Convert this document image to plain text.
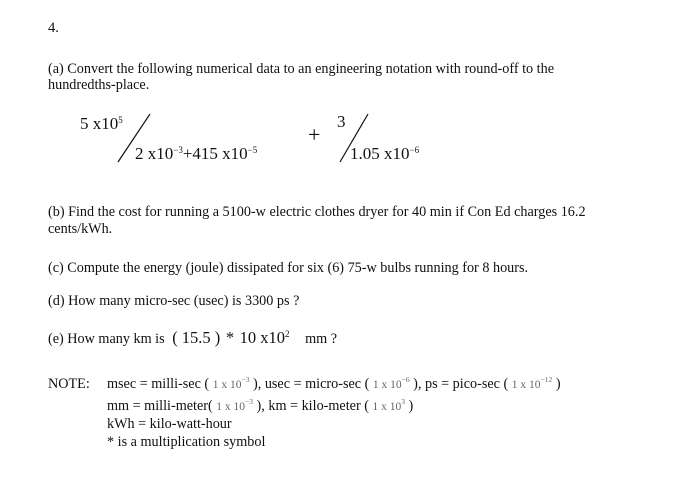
4.
(a) Convert the following numerical data to an engineering notation with round-off to the
hundredths-place.
5 $x10^5$
2 $x10^{-3}+415$ $x10^{-5}$
+
3
1.05 $x10^{-6}$
(b) Find the cost for running a 5100-w electric clothes dryer for 40 min if Con Ed charges 16.2
cents/kWh.
(c) Compute the energy (joule) dissipated for six (6) 75-w bulbs running for 8 hours.
(d) How many micro-sec (usec) is 3300 ps ?
(e) How many km is ( 15.5 ) * 10 $x10^2$ mm ?
NOTE: msec = milli-sec ( 1 x $10^{-3}$ ), usec = micro-sec ( 1 x $10^{-6}$ ), ps = pico-sec ( 1 x $10^{-12}$ )
mm = milli-meter( 1 x $10^{-3}$ ), km = kilo-meter ( 1 x $10^3$ )
kWh = kilo-watt-hour
* is a multiplication symbol
